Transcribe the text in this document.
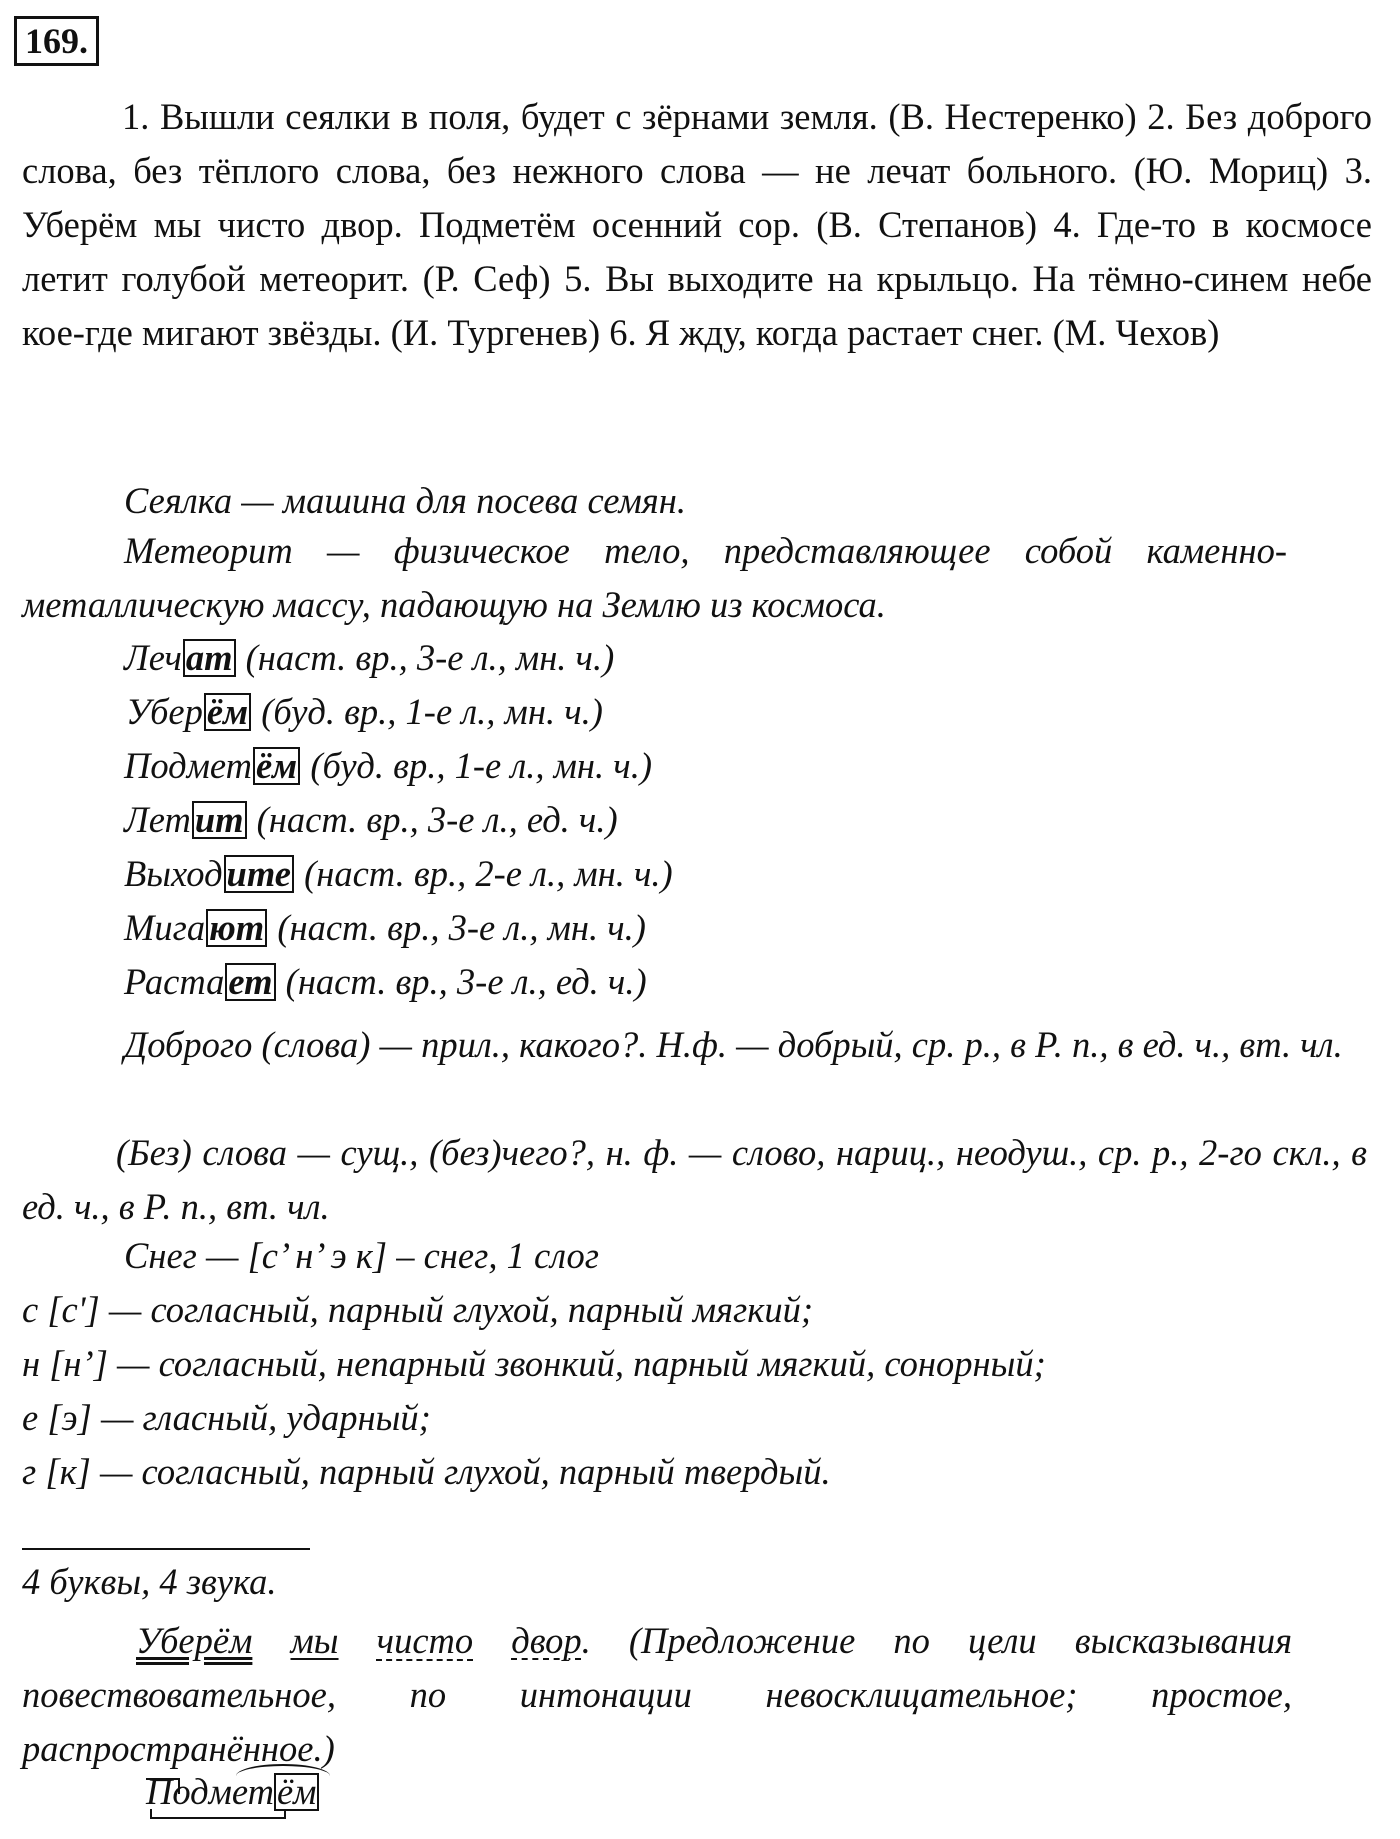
169.
1. Вышли сеялки в поля, будет с зёрнами земля. (В. Нестеренко) 2. Без доброго слова, без тёплого слова, без нежного слова — не лечат больного. (Ю. Мориц) 3. Уберём мы чисто двор. Подметём осенний сор. (В. Степанов) 4. Где-то в космосе летит голубой метеорит. (Р. Сеф) 5. Вы выходите на крыльцо. На тёмно-синем небе кое-где мигают звёзды. (И. Тургенев) 6. Я жду, когда растает снег. (М. Чехов)
Сеялка — машина для посева семян.
Метеорит — физическое тело, представляющее собой каменно-металлическую массу, падающую на Землю из космоса.
Леч ат (наст. вр., 3-е л., мн. ч.)
Убер ём (буд. вр., 1-е л., мн. ч.)
Подмет ём (буд. вр., 1-е л., мн. ч.)
Лет ит (наст. вр., 3-е л., ед. ч.)
Выход ите (наст. вр., 2-е л., мн. ч.)
Мига ют (наст. вр., 3-е л., мн. ч.)
Раста ет (наст. вр., 3-е л., ед. ч.)
Доброго (слова) — прил., какого?. Н.ф. — добрый, ср. р., в Р. п., в ед. ч., вт. чл.
(Без) слова — сущ., (без)чего?, н. ф. — слово, нариц., неодуш., ср. р., 2-го скл., в ед. ч., в Р. п., вт. чл.
Снег — [с’ н’ э к] – снег, 1 слог
с [с'] — согласный, парный глухой, парный мягкий;
н [н’] — согласный, непарный звонкий, парный мягкий, сонорный;
е [э] — гласный, ударный;
г [к] — согласный, парный глухой, парный твердый.
4 буквы, 4 звука.
Уберём мы чисто двор. (Предложение по цели высказывания повествовательное, по интонации невосклицательное; простое, распространённое.)
Подметём
